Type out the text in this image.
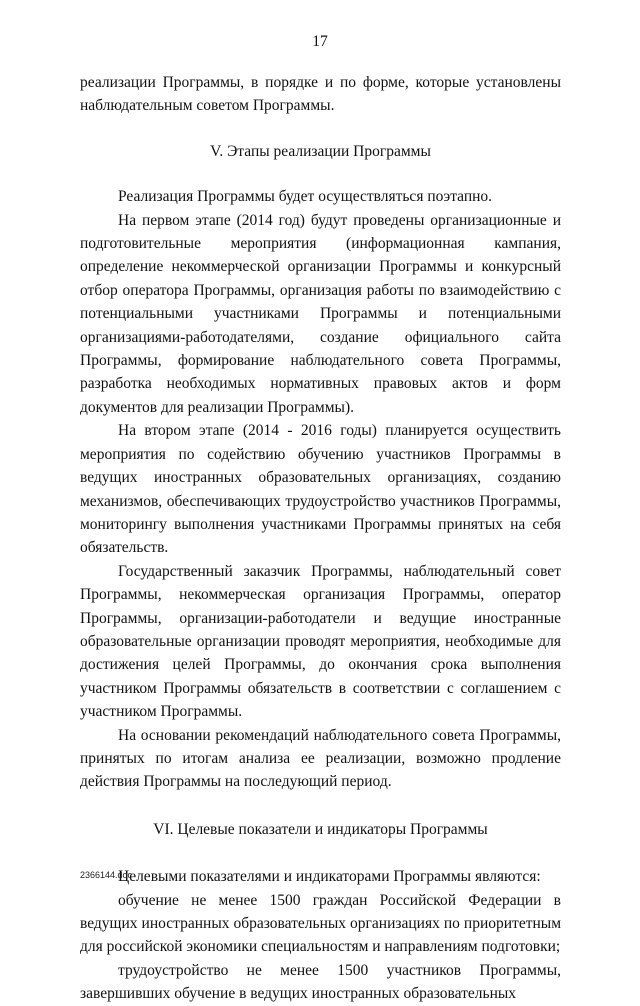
17

реализации Программы, в порядке и по форме, которые установлены наблюдательным советом Программы.

V. Этапы реализации Программы

Реализация Программы будет осуществляться поэтапно.

На первом этапе (2014 год) будут проведены организационные и подготовительные мероприятия (информационная кампания, определение некоммерческой организации Программы и конкурсный отбор оператора Программы, организация работы по взаимодействию с потенциальными участниками Программы и потенциальными организациями-работодателями, создание официального сайта Программы, формирование наблюдательного совета Программы, разработка необходимых нормативных правовых актов и форм документов для реализации Программы).

На втором этапе (2014 - 2016 годы) планируется осуществить мероприятия по содействию обучению участников Программы в ведущих иностранных образовательных организациях, созданию механизмов, обеспечивающих трудоустройство участников Программы, мониторингу выполнения участниками Программы принятых на себя обязательств.

Государственный заказчик Программы, наблюдательный совет Программы, некоммерческая организация Программы, оператор Программы, организации-работодатели и ведущие иностранные образовательные организации проводят мероприятия, необходимые для достижения целей Программы, до окончания срока выполнения участником Программы обязательств в соответствии с соглашением с участником Программы.

На основании рекомендаций наблюдательного совета Программы, принятых по итогам анализа ее реализации, возможно продление действия Программы на последующий период.

VI. Целевые показатели и индикаторы Программы

Целевыми показателями и индикаторами Программы являются:

обучение не менее 1500 граждан Российской Федерации в ведущих иностранных образовательных организациях по приоритетным для российской экономики специальностям и направлениям подготовки;

трудоустройство не менее 1500 участников Программы, завершивших обучение в ведущих иностранных образовательных

2366144.doc
